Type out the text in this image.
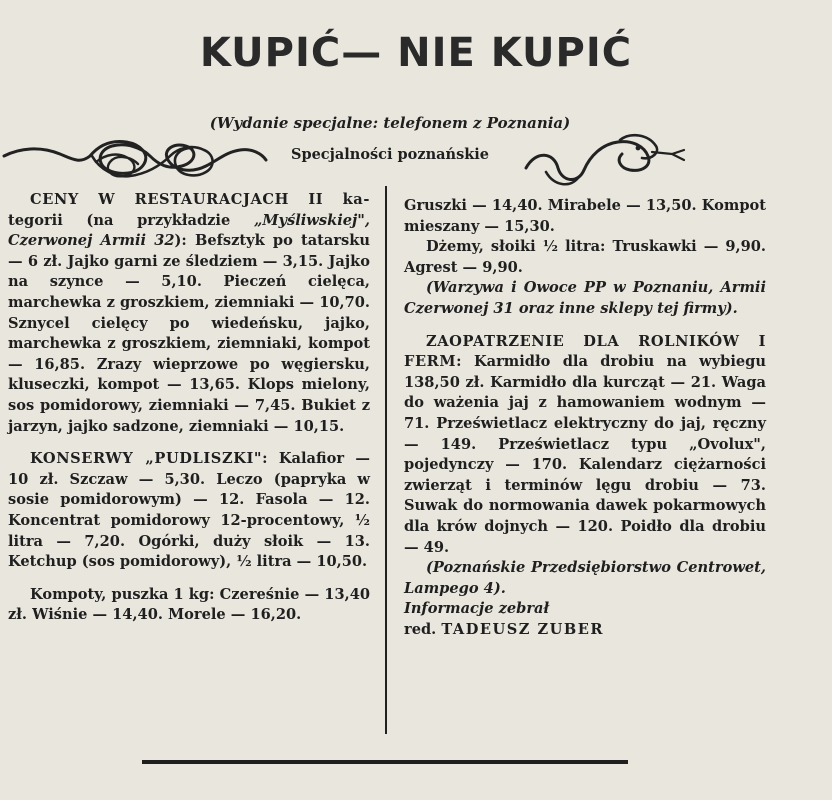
KUPIĆ— NIE KUPIĆ
(Wydanie specjalne: telefonem z Poznania)
Specjalności poznańskie

CENY W RESTAURACJACH II ka- tegorii (na przykładzie „Myśliwskiej", Czerwonej Armii 32): Befsztyk po tatarsku — 6 zł. Jajko garni ze śledziem — 3,15. Jajko na szynce — 5,10. Pieczeń cielęca, marchewka z groszkiem, ziemniaki — 10,70. Sznycel cielęcy po wiedeńsku, jajko, marchewka z groszkiem, ziemniaki, kompot — 16,85. Zrazy wieprzowe po węgiersku, kluseczki, kompot — 13,65. Klops mielony, sos pomidorowy, ziemniaki — 7,45. Bukiet z jarzyn, jajko sadzone, ziemniaki — 10,15.

KONSERWY „PUDLISZKI": Kalafior — 10 zł. Szczaw — 5,30. Leczo (papryka w sosie pomidorowym) — 12. Fasola — 12. Koncentrat pomidorowy 12-procentowy, ½ litra — 7,20. Ogórki, duży słoik — 13. Ketchup (sos pomidorowy), ½ litra — 10,50.

Kompoty, puszka 1 kg: Czereśnie — 13,40 zł. Wiśnie — 14,40. Morele — 16,20.

Gruszki — 14,40. Mirabele — 13,50. Kompot mieszany — 15,30.

Dżemy, słoiki ½ litra: Truskawki — 9,90. Agrest — 9,90.

(Warzywa i Owoce PP w Poznaniu, Armii Czerwonej 31 oraz inne sklepy tej firmy).

ZAOPATRZENIE DLA ROLNIKÓW I FERM: Karmidło dla drobiu na wybiegu 138,50 zł. Karmidło dla kurcząt — 21. Waga do ważenia jaj z hamowaniem wodnym — 71. Prześwietlacz elektryczny do jaj, ręczny — 149. Prześwietlacz typu „Ovolux", pojedynczy — 170. Kalendarz ciężarności zwierząt i terminów lęgu drobiu — 73. Suwak do normowania dawek pokarmowych dla krów dojnych — 120. Poidło dla drobiu — 49.

(Poznańskie Przedsiębiorstwo Centrowet, Lampego 4).

Informacje zebrał

red. TADEUSZ ZUBER
